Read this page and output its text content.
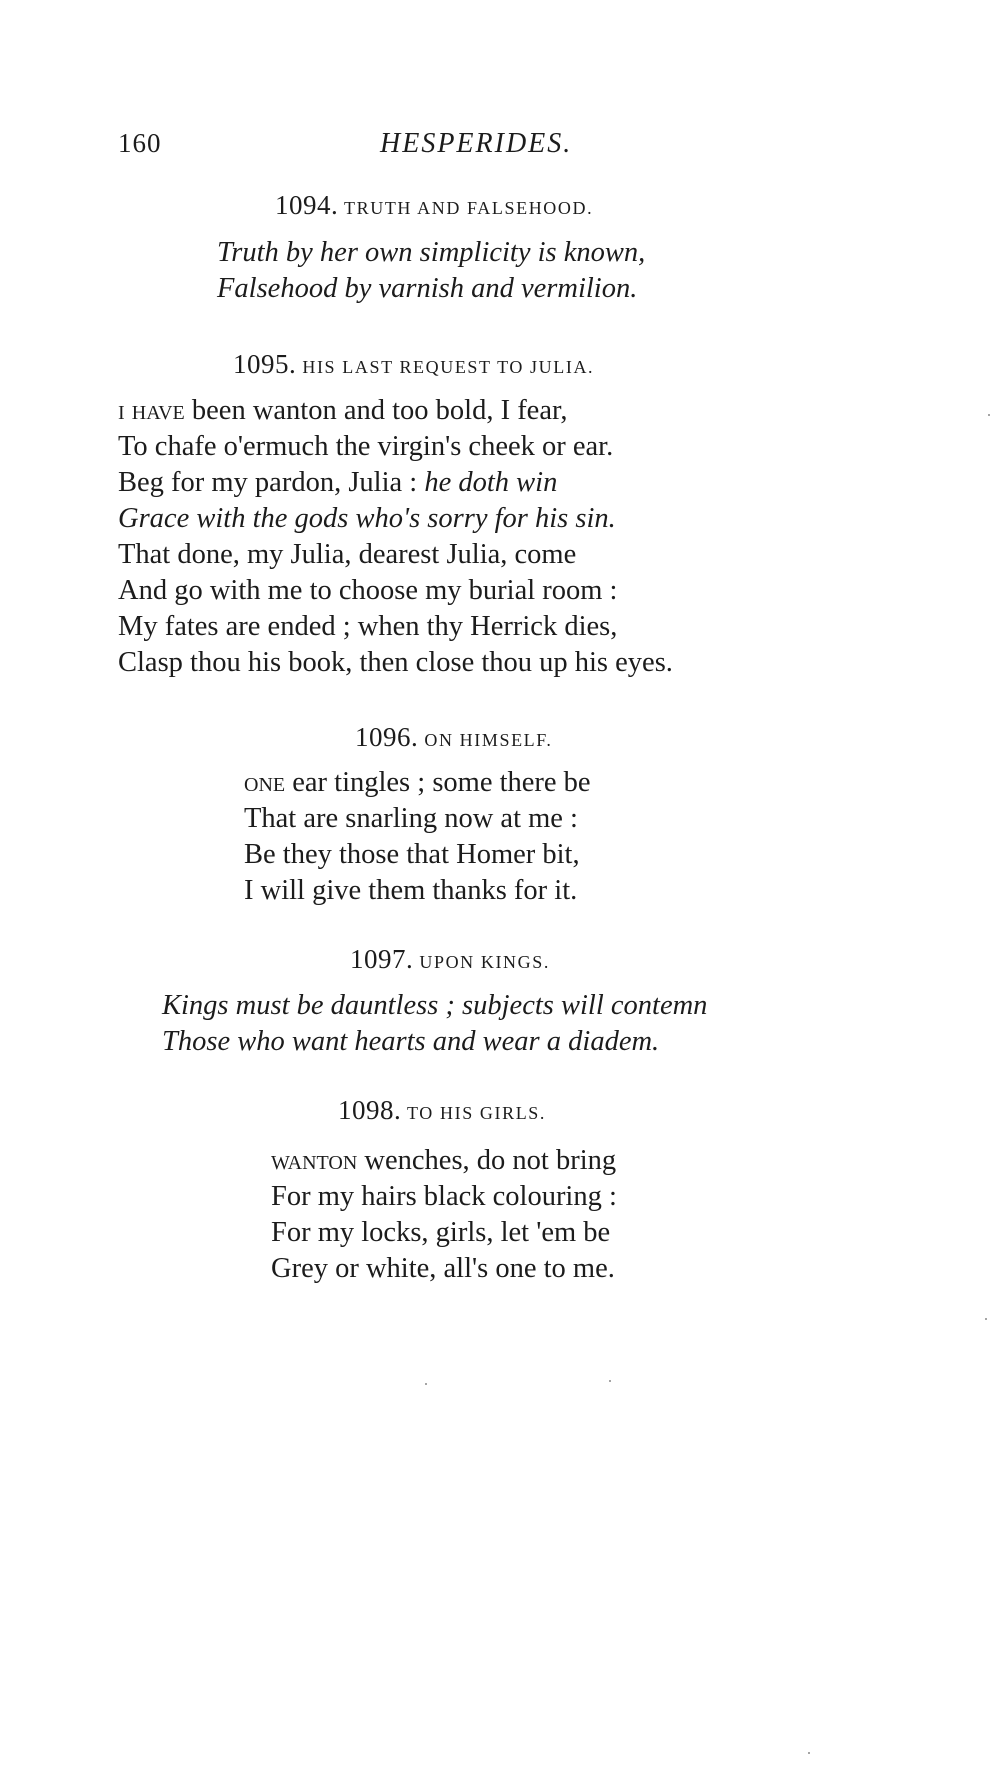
160	HESPERIDES.
1094. TRUTH AND FALSEHOOD.
Truth by her own simplicity is known,
Falsehood by varnish and vermilion.
1095. HIS LAST REQUEST TO JULIA.
i have been wanton and too bold, I fear,
To chafe o'ermuch the virgin's cheek or ear.
Beg for my pardon, Julia : he doth win
Grace with the gods who's sorry for his sin.
That done, my Julia, dearest Julia, come
And go with me to choose my burial room :
My fates are ended ; when thy Herrick dies,
Clasp thou his book, then close thou up his eyes.
1096. ON HIMSELF.
one ear tingles ; some there be
That are snarling now at me :
Be they those that Homer bit,
I will give them thanks for it.
1097. UPON KINGS.
Kings must be dauntless ; subjects will contemn
Those who want hearts and wear a diadem.
1098. TO HIS GIRLS.
wanton wenches, do not bring
For my hairs black colouring :
For my locks, girls, let 'em be
Grey or white, all's one to me.
